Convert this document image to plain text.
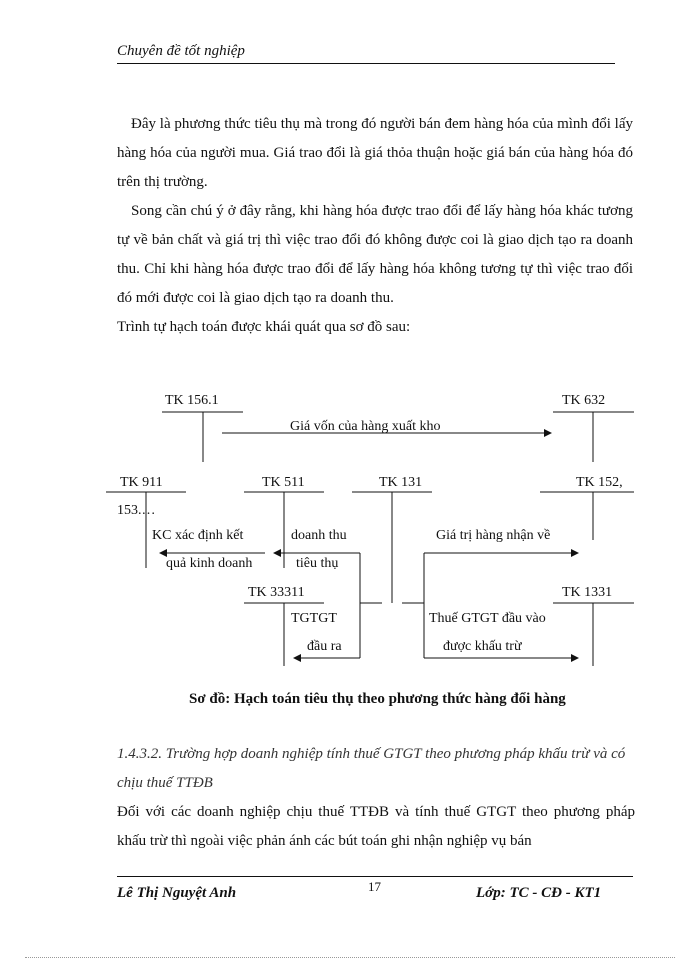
Chuyên đề tốt nghiệp

Đây là phương thức tiêu thụ mà trong đó người bán đem hàng hóa của mình đổi lấy hàng hóa của người mua. Giá trao đổi là giá thỏa thuận hoặc giá bán của hàng hóa đó trên thị trường.

Song cần chú ý ở đây rằng, khi hàng hóa được trao đổi để lấy hàng hóa khác tương tự về bản chất và giá trị thì việc trao đổi đó không được coi là giao dịch tạo ra doanh thu. Chỉ khi hàng hóa được trao đổi để lấy hàng hóa không tương tự thì việc trao đổi đó mới được coi là giao dịch tạo ra doanh thu.

Trình tự hạch toán được khái quát qua sơ đồ sau:

TK 156.1	TK 632
Giá vốn của hàng xuất kho
TK 911	TK 511	TK 131	TK 152,
153.…
KC xác định kết
quả kinh doanh
doanh thu
tiêu thụ
Giá trị hàng nhận về
TK 33311	TK 1331
TGTGT
đầu ra
Thuế GTGT đầu vào
được khấu trừ
Sơ đồ: Hạch toán tiêu thụ theo phương thức hàng đổi hàng

1.4.3.2. Trường hợp doanh nghiệp tính thuế GTGT theo phương pháp khấu trừ và có chịu thuế TTĐB

Đối với các doanh nghiệp chịu thuế TTĐB và tính thuế GTGT theo phương pháp khấu trừ thì ngoài việc phản ánh các bút toán ghi nhận nghiệp vụ bán

Lê Thị Nguyệt Anh	17	Lớp: TC - CĐ - KT1
